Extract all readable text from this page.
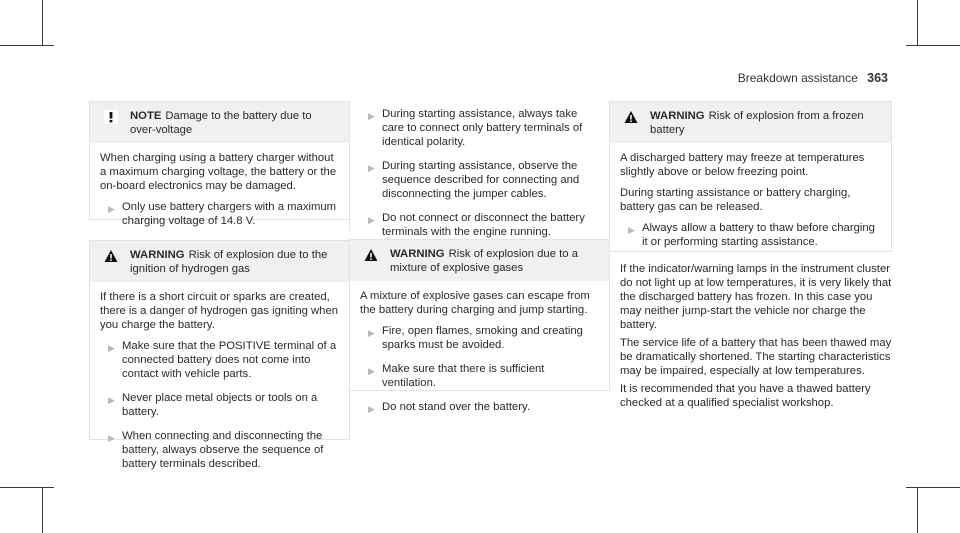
Breakdown assistance 363
NOTE Damage to the battery due to over-voltage

When charging using a battery charger without a maximum charging voltage, the battery or the on-board electronics may be damaged.

▶ Only use battery chargers with a maximum charging voltage of 14.8 V.
WARNING Risk of explosion due to the ignition of hydrogen gas

If there is a short circuit or sparks are created, there is a danger of hydrogen gas igniting when you charge the battery.

▶ Make sure that the POSITIVE terminal of a connected battery does not come into contact with vehicle parts.
▶ Never place metal objects or tools on a battery.
▶ When connecting and disconnecting the battery, always observe the sequence of battery terminals described.
▶ During starting assistance, always take care to connect only battery terminals of identical polarity.
▶ During starting assistance, observe the sequence described for connecting and disconnecting the jumper cables.
▶ Do not connect or disconnect the battery terminals with the engine running.
WARNING Risk of explosion due to a mixture of explosive gases

A mixture of explosive gases can escape from the battery during charging and jump starting.

▶ Fire, open flames, smoking and creating sparks must be avoided.
▶ Make sure that there is sufficient ventilation.
▶ Do not stand over the battery.
WARNING Risk of explosion from a frozen battery

A discharged battery may freeze at temperatures slightly above or below freezing point.

During starting assistance or battery charging, battery gas can be released.

▶ Always allow a battery to thaw before charging it or performing starting assistance.

If the indicator/warning lamps in the instrument cluster do not light up at low temperatures, it is very likely that the discharged battery has frozen. In this case you may neither jump-start the vehicle nor charge the battery.

The service life of a battery that has been thawed may be dramatically shortened. The starting characteristics may be impaired, especially at low temperatures.

It is recommended that you have a thawed battery checked at a qualified specialist workshop.
